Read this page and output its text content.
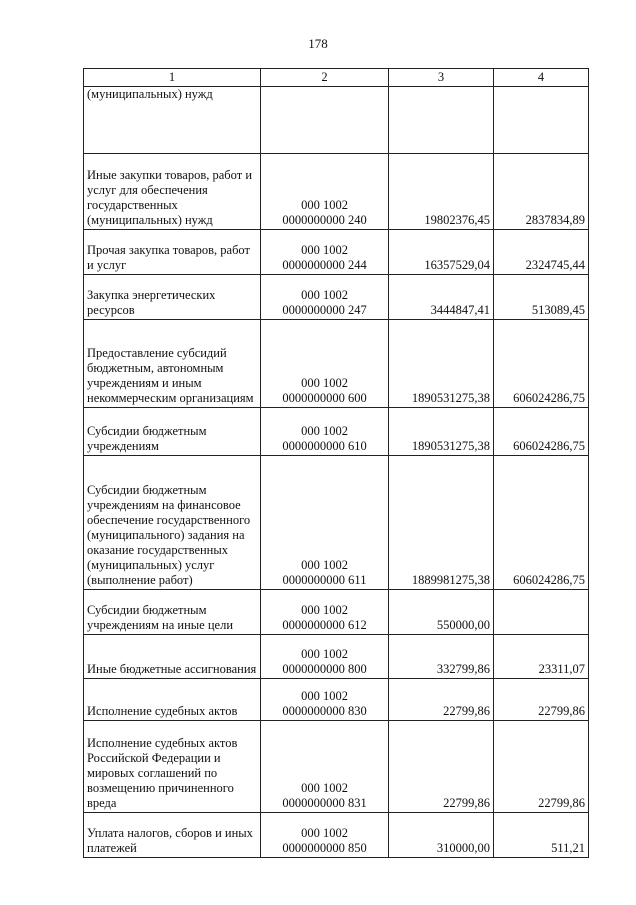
178
1	2	3	4
(муниципальных) нужд			
Иные закупки товаров, работ и услуг для обеспечения государственных (муниципальных) нужд	000 1002
0000000000 240	19802376,45	2837834,89
Прочая закупка товаров, работ и услуг	000 1002
0000000000 244	16357529,04	2324745,44
Закупка энергетических ресурсов	000 1002
0000000000 247	3444847,41	513089,45
Предоставление субсидий бюджетным, автономным учреждениям и иным некоммерческим организациям	000 1002
0000000000 600	1890531275,38	606024286,75
Субсидии бюджетным учреждениям	000 1002
0000000000 610	1890531275,38	606024286,75
Субсидии бюджетным учреждениям на финансовое обеспечение государственного (муниципального) задания на оказание государственных (муниципальных) услуг (выполнение работ)	000 1002
0000000000 611	1889981275,38	606024286,75
Субсидии бюджетным учреждениям на иные цели	000 1002
0000000000 612	550000,00	
Иные бюджетные ассигнования	000 1002
0000000000 800	332799,86	23311,07
Исполнение судебных актов	000 1002
0000000000 830	22799,86	22799,86
Исполнение судебных актов Российской Федерации и мировых соглашений по возмещению причиненного вреда	000 1002
0000000000 831	22799,86	22799,86
Уплата налогов, сборов и иных платежей	000 1002
0000000000 850	310000,00	511,21
